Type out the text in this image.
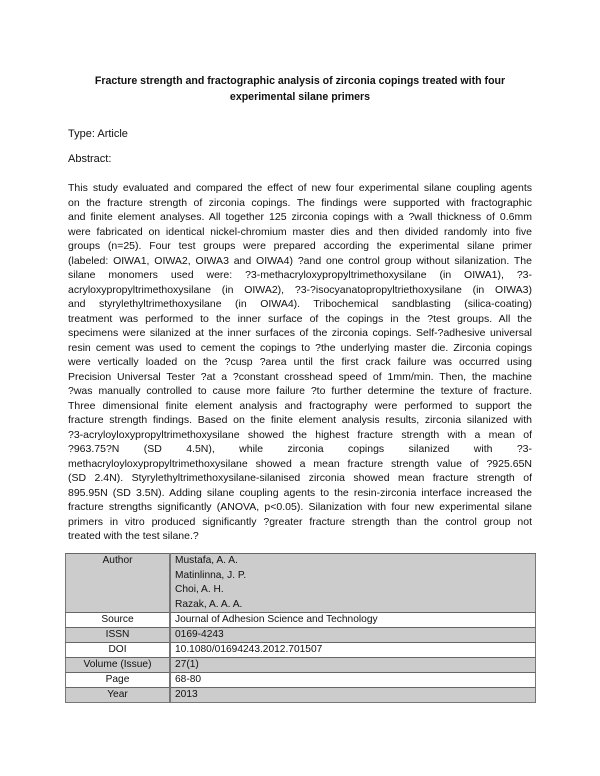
Fracture strength and fractographic analysis of zirconia copings treated with four
experimental silane primers
Type: Article
Abstract:
This study evaluated and compared the effect of new four experimental silane coupling agents
on the fracture strength of zirconia copings. The findings were supported with fractographic
and finite element analyses. All together 125 zirconia copings with a ?wall thickness of 0.6mm
were fabricated on identical nickel-chromium master dies and then divided randomly into five
groups (n=25). Four test groups were prepared according the experimental silane primer
(labeled: OIWA1, OIWA2, OIWA3 and OIWA4) ?and one control group without silanization. The
silane monomers used were: ?3-methacryloxypropyltrimethoxysilane (in OIWA1), ?3-
acryloxypropyltrimethoxysilane (in OIWA2), ?3-?isocyanatopropyltriethoxysilane (in OIWA3)
and styrylethyltrimethoxysilane (in OIWA4). Tribochemical sandblasting (silica-coating)
treatment was performed to the inner surface of the copings in the ?test groups. All the
specimens were silanized at the inner surfaces of the zirconia copings. Self-?adhesive universal
resin cement was used to cement the copings to ?the underlying master die. Zirconia copings
were vertically loaded on the ?cusp ?area until the first crack failure was occurred using
Precision Universal Tester ?at a ?constant crosshead speed of 1mm/min. Then, the machine
?was manually controlled to cause more failure ?to further determine the texture of fracture.
Three dimensional finite element analysis and fractography were performed to support the
fracture strength findings. Based on the finite element analysis results, zirconia silanized with
?3-acryloyloxypropyltrimethoxysilane showed the highest fracture strength with a mean of
?963.75?N (SD 4.5N), while zirconia copings silanized with ?3-
methacryloyloxypropyltrimethoxysilane showed a mean fracture strength value of ?925.65N
(SD 2.4N). Styrylethyltrimethoxysilane-silanised zirconia showed mean fracture strength of
895.95N (SD 3.5N). Adding silane coupling agents to the resin-zirconia interface increased the
fracture strengths significantly (ANOVA, p<0.05). Silanization with four new experimental silane
primers in vitro produced significantly ?greater fracture strength than the control group not
treated with the test silane.?
Author	Mustafa, A. A.
Matinlinna, J. P.
Choi, A. H.
Razak, A. A. A.

Source	Journal of Adhesion Science and Technology
ISSN	0169-4243
DOI	10.1080/01694243.2012.701507
Volume (Issue)	27(1)
Page	68-80
Year	2013
